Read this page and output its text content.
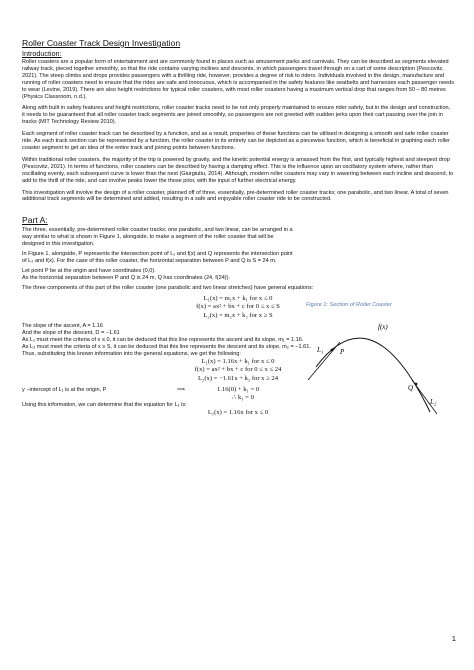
Roller Coaster Track Design Investigation
Introduction:

Roller coasters are a popular form of entertainment and are commonly found in places such as amusement parks and carnivals. They can be described as segments elevated railway track, pieced together smoothly, so that the ride contains varying inclines and descents, in which passengers travel through on a cart of some description (Pescovitz, 2021). The steep climbs and drops provides passengers with a thrilling ride, however, provides a degree of risk to riders. Individuals involved in the design, manufacture and running of roller coasters need to ensure that the rides are safe and innocuous, which is accompanied in the safety features like seatbelts and harnesses each passenger needs to wear (Levine, 2019). There are also height restrictions for typical roller coasters, with most roller coasters having a maximum vertical drop that ranges from 50 – 80 metres (Physics Classroom, n.d.).

Along with built in safety features and height restrictions, roller coaster tracks need to be not only properly maintained to ensure rider safety, but in the design and construction, it needs to be guaranteed that all roller coaster track segments are joined smoothly, so passengers are not greeted with sudden jerks upon their cart passing over the join in tracks (MIT Technology Review 2010).

Each segment of roller coaster track can be described by a function, and as a result, properties of these functions can be utilised in designing a smooth and safe roller coaster ride. As each track section can be represented by a function, the roller coaster in its entirety can be depicted as a piecewise function, which is beneficial in graphing each roller coaster segment to get an idea of the entire track and joining points between functions.

Within traditional roller coasters, the majority of the trip is powered by gravity, and the kinetic potential energy is amassed from the first, and typically highest and steepest drop (Pescovitz, 2021). In terms of functions, roller coasters can be described by having a damping effect. This is the influence upon an oscillatory system where, rather than oscillating evenly, each subsequent curve is lower than the next (Giurgiutiu, 2014). Although, modern roller coasters may vary in wavering between each incline and descend, to add to the thrill of the ride, and can involve peaks lower the those prior, with the input of further electrical energy.

This investigation will involve the design of a roller coaster, planned off of three, essentially, pre-determined roller coaster tracks; one parabolic, and two linear. A total of seven additional track segments will be determined and added, resulting in a safe and enjoyable roller coaster ride to be constructed.

Part A:

The three, essentially, pre-determined roller coaster tracks; one parabolic, and two linear, can be arranged in a way similar to what is shown in Figure 1, alongside, to make a segment of the roller coaster that will be designed in this investigation.

In Figure 1, alongside, P represents the intersection point of L₁ and f(x) and Q represents the intersection point of L₂ and f(x). For the case of this roller coaster, the horizontal separation between P and Q is S = 24 m.

Let point P be at the origin and have coordinates (0,0).

As the horizontal separation between P and Q is 24 m, Q has coordinates (24, f(24)).

The three components of this part of the roller coaster (one parabolic and two linear stretches) have general equations:

L₁(x) = m₁x + k₁ for x ≤ 0
f(x) = ax² + bx + c for 0 ≤ x ≤ S
L₂(x) = m₂x + k₂ for x ≥ S
The slope of the ascent, A = 1.16
And the slope of the descent, D = −1.61
As L₁ must meet the criteria of x ≤ 0, it can be deduced that this line represents the ascent and its slope, m₁ = 1.16.
As L₂ must meet the criteria of x ≥ S, it can be deduced that this line represents the descent and its slope, m₂ = −1.61.
Thus, substituting this known information into the general equations, we get the following:
L₁(x) = 1.16x + k₁ for x ≤ 0
f(x) = ax² + bx + c for 0 ≤ x ≤ 24
L₂(x) = −1.61x + k₂ for x ≥ 24
y −intercept of L₁ is at the origin, P	⟹	1.16(0) + k₁ = 0
∴ k₁ = 0
Using this information, we can determine that the equation for L₁ is:
L₁(x) = 1.16x for x ≤ 0
Figure 1: Section of Roller Coaster
f(x)
L₁ P
Q
L₂
1
